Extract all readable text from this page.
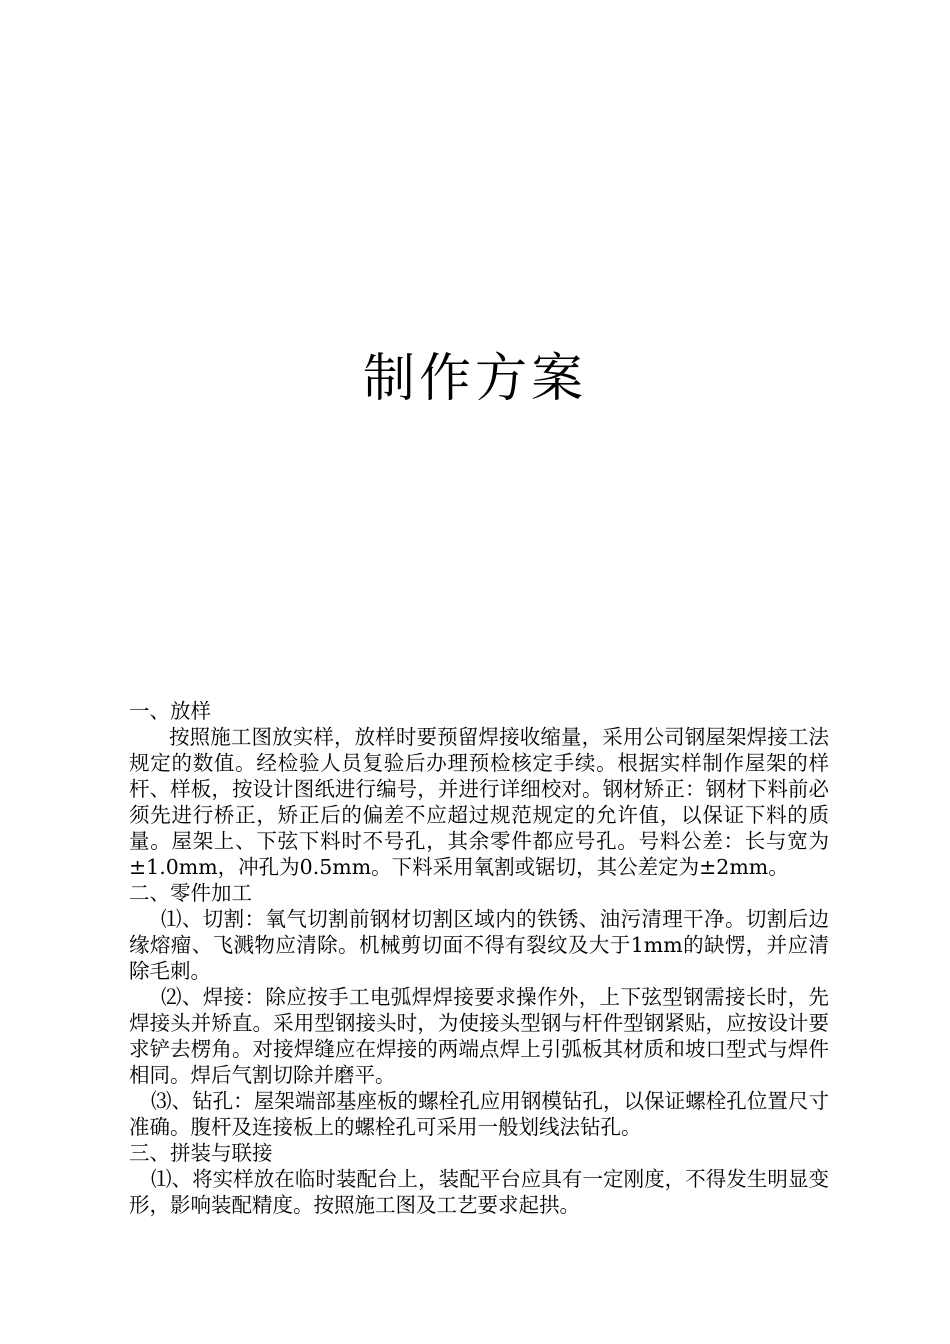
制作方案

一、放样

按照施工图放实样，放样时要预留焊接收缩量，采用公司钢屋架焊接工法规定的数值。经检验人员复验后办理预检核定手续。根据实样制作屋架的样杆、样板，按设计图纸进行编号，并进行详细校对。钢材矫正：钢材下料前必须先进行桥正，矫正后的偏差不应超过规范规定的允许值，以保证下料的质量。屋架上、下弦下料时不号孔，其余零件都应号孔。号料公差：长与宽为±1.0mm，冲孔为0.5mm。下料采用氧割或锯切，其公差定为±2mm。

二、零件加工

⑴、切割：氧气切割前钢材切割区域内的铁锈、油污清理干净。切割后边缘熔瘤、飞溅物应清除。机械剪切面不得有裂纹及大于1mm的缺愣，并应清除毛刺。

⑵、焊接：除应按手工电弧焊焊接要求操作外，上下弦型钢需接长时，先焊接头并矫直。采用型钢接头时，为使接头型钢与杆件型钢紧贴，应按设计要求铲去楞角。对接焊缝应在焊接的两端点焊上引弧板其材质和坡口型式与焊件相同。焊后气割切除并磨平。

⑶、钻孔：屋架端部基座板的螺栓孔应用钢模钻孔，以保证螺栓孔位置尺寸准确。腹杆及连接板上的螺栓孔可采用一般划线法钻孔。

三、拼装与联接

⑴、将实样放在临时装配台上，装配平台应具有一定刚度，不得发生明显变形，影响装配精度。按照施工图及工艺要求起拱。
